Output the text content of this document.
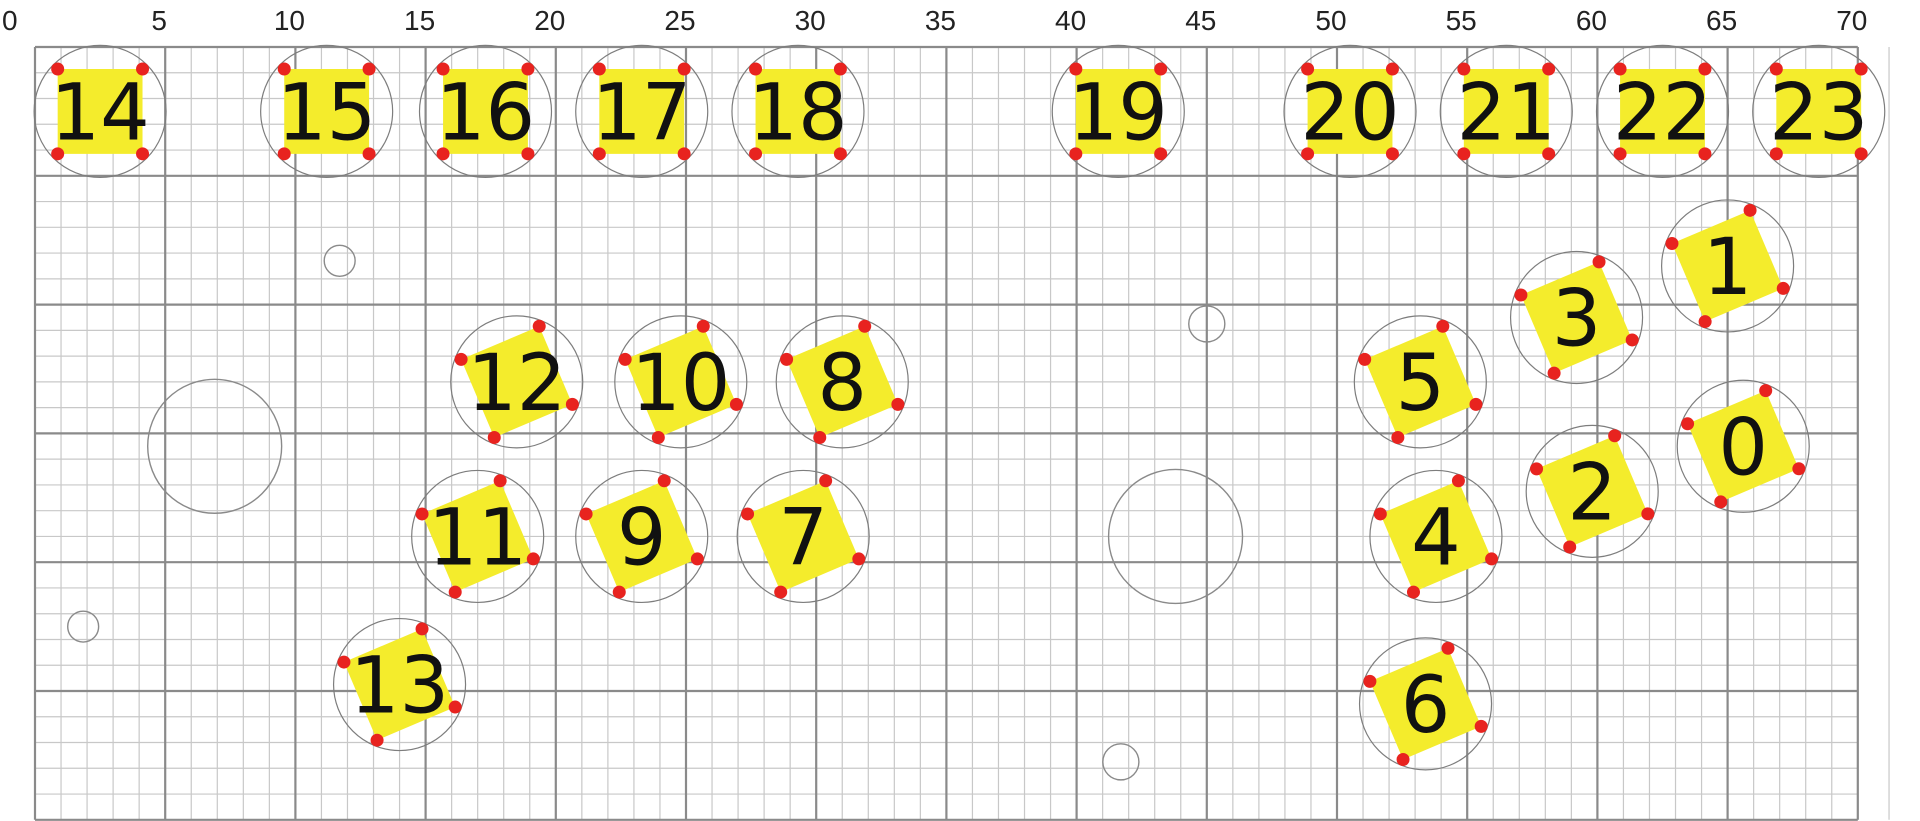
0	5	10	15	20	25	30	35	40	45	50	55	60	65	70
14 15 16 17 18	19 20 21 22 23
1
3
5
0
2
4
6
12 10 8
11 9 7
13
